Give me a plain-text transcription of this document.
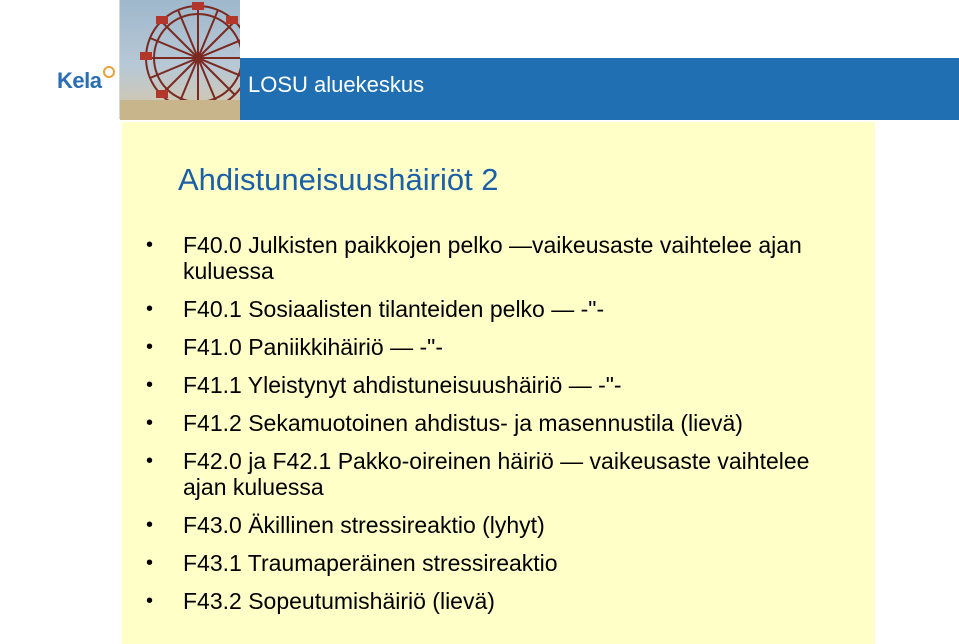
Kela	LOSU aluekeskus
Ahdistuneisuushäiriöt 2
• F40.0 Julkisten paikkojen pelko —vaikeusaste vaihtelee ajan kuluessa
• F40.1 Sosiaalisten tilanteiden pelko — -"-
• F41.0 Paniikkihäiriö — -"-
• F41.1 Yleistynyt ahdistuneisuushäiriö — -"-
• F41.2 Sekamuotoinen ahdistus- ja masennustila (lievä)
• F42.0 ja F42.1 Pakko-oireinen häiriö — vaikeusaste vaihtelee ajan kuluessa
• F43.0 Äkillinen stressireaktio (lyhyt)
• F43.1 Traumaperäinen stressireaktio
• F43.2 Sopeutumishäiriö (lievä)
